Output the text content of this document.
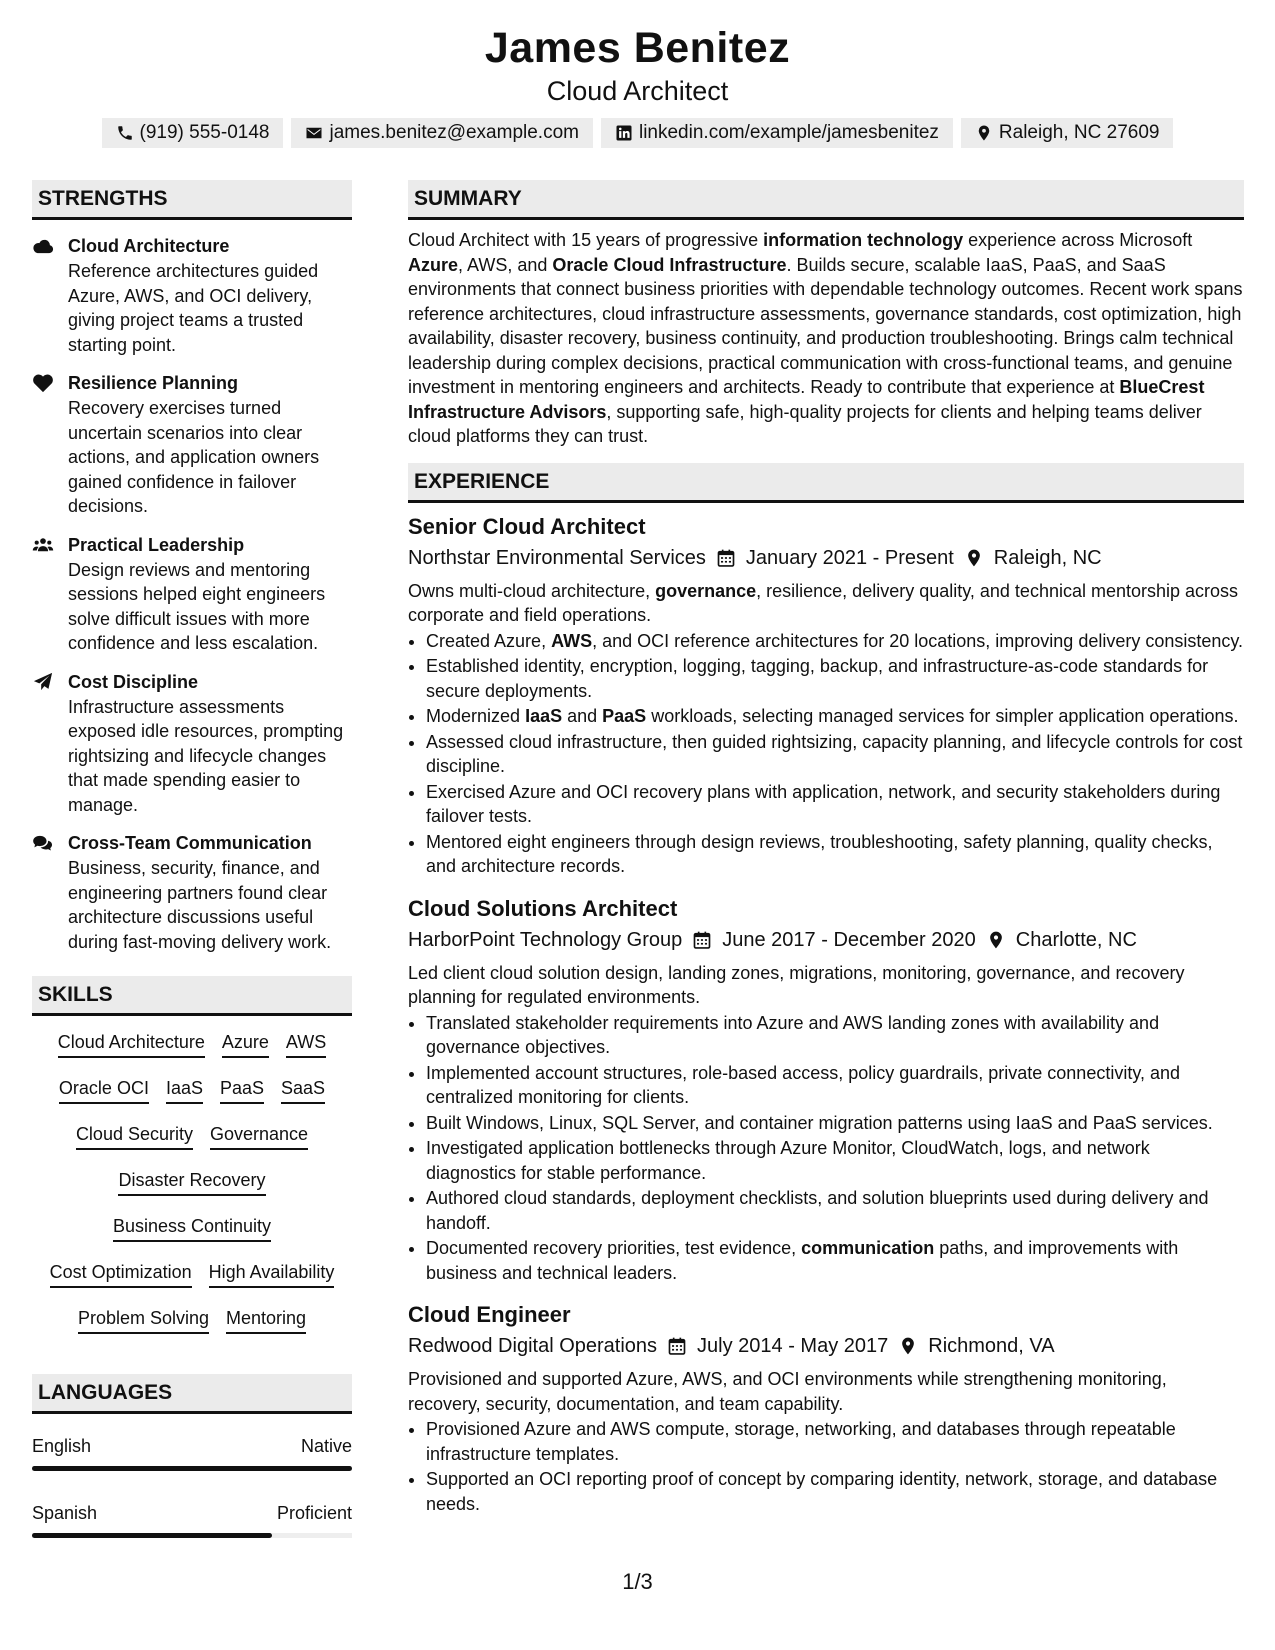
James Benitez
Cloud Architect
(919) 555-0148	james.benitez@example.com	linkedin.com/example/jamesbenitez	Raleigh, NC 27609
STRENGTHS
Cloud Architecture
Reference architectures guided Azure, AWS, and OCI delivery, giving project teams a trusted starting point.
Resilience Planning
Recovery exercises turned uncertain scenarios into clear actions, and application owners gained confidence in failover decisions.
Practical Leadership
Design reviews and mentoring sessions helped eight engineers solve difficult issues with more confidence and less escalation.
Cost Discipline
Infrastructure assessments exposed idle resources, prompting rightsizing and lifecycle changes that made spending easier to manage.
Cross-Team Communication
Business, security, finance, and engineering partners found clear architecture discussions useful during fast-moving delivery work.
SKILLS
Cloud Architecture Azure AWS
Oracle OCI IaaS PaaS SaaS
Cloud Security Governance
Disaster Recovery
Business Continuity
Cost Optimization High Availability
Problem Solving Mentoring
LANGUAGES
English	Native
Spanish	Proficient
SUMMARY
Cloud Architect with 15 years of progressive information technology experience across Microsoft Azure, AWS, and Oracle Cloud Infrastructure. Builds secure, scalable IaaS, PaaS, and SaaS environments that connect business priorities with dependable technology outcomes. Recent work spans reference architectures, cloud infrastructure assessments, governance standards, cost optimization, high availability, disaster recovery, business continuity, and production troubleshooting. Brings calm technical leadership during complex decisions, practical communication with cross-functional teams, and genuine investment in mentoring engineers and architects. Ready to contribute that experience at BlueCrest Infrastructure Advisors, supporting safe, high-quality projects for clients and helping teams deliver cloud platforms they can trust.
EXPERIENCE
Senior Cloud Architect
Northstar Environmental Services January 2021 - Present Raleigh, NC
Owns multi-cloud architecture, governance, resilience, delivery quality, and technical mentorship across corporate and field operations.
• Created Azure, AWS, and OCI reference architectures for 20 locations, improving delivery consistency.
• Established identity, encryption, logging, tagging, backup, and infrastructure-as-code standards for secure deployments.
• Modernized IaaS and PaaS workloads, selecting managed services for simpler application operations.
• Assessed cloud infrastructure, then guided rightsizing, capacity planning, and lifecycle controls for cost discipline.
• Exercised Azure and OCI recovery plans with application, network, and security stakeholders during failover tests.
• Mentored eight engineers through design reviews, troubleshooting, safety planning, quality checks, and architecture records.
Cloud Solutions Architect
HarborPoint Technology Group June 2017 - December 2020 Charlotte, NC
Led client cloud solution design, landing zones, migrations, monitoring, governance, and recovery planning for regulated environments.
• Translated stakeholder requirements into Azure and AWS landing zones with availability and governance objectives.
• Implemented account structures, role-based access, policy guardrails, private connectivity, and centralized monitoring for clients.
• Built Windows, Linux, SQL Server, and container migration patterns using IaaS and PaaS services.
• Investigated application bottlenecks through Azure Monitor, CloudWatch, logs, and network diagnostics for stable performance.
• Authored cloud standards, deployment checklists, and solution blueprints used during delivery and handoff.
• Documented recovery priorities, test evidence, communication paths, and improvements with business and technical leaders.
Cloud Engineer
Redwood Digital Operations July 2014 - May 2017 Richmond, VA
Provisioned and supported Azure, AWS, and OCI environments while strengthening monitoring, recovery, security, documentation, and team capability.
• Provisioned Azure and AWS compute, storage, networking, and databases through repeatable infrastructure templates.
• Supported an OCI reporting proof of concept by comparing identity, network, storage, and database needs.
1/3
